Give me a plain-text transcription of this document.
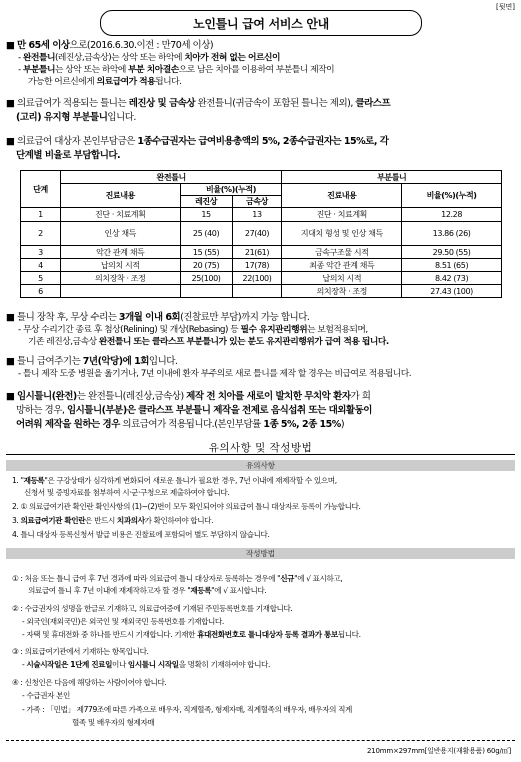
[뒷면]
노인틀니 급여 서비스 안내
■ 만 65세 이상으로(2016.6.30.이전 : 만70세 이상)
- 완전틀니(레진상,금속상)는 상악 또는 하악에 치아가 전혀 없는 어르신이
- 부분틀니는 상악 또는 하악에 부분 치아결손으로 남은 치아를 이용하여 부분틀니 제작이
가능한 어르신에게 의료급여가 적용됩니다.
■ 의료급여가 적용되는 틀니는 레진상 및 금속상 완전틀니(귀금속이 포함된 틀니는 제외), 클라스프
(고리) 유지형 부분틀니입니다.
■ 의료급여 대상자 본인부담금은 1종수급권자는 급여비용총액의 5%, 2종수급권자는 15%로, 각
단계별 비율로 부담합니다.
단계	완전틀니			부분틀니	
	진료내용	비율(%)(누적)		진료내용	비율(%)(누적)
		레진상	금속상		
1	진단 · 치료계획	15	13	진단 · 치료계획	12.28
2	인상 채득	25 (40)	27(40)	지대치 형성 및 인상 채득	13.86 (26)
3	악간 관계 채득	15 (55)	21(61)	금속구조물 시적	29.50 (55)
4	납의치 시적	20 (75)	17(78)	최종 악간 관계 채득	8.51 (65)
5	의치장착 · 조정	25(100)	22(100)	납의치 시적	8.42 (73)
6				의치장착 · 조정	27.43 (100)
■ 틀니 장착 후, 무상 수리는 3개월 이내 6회(진찰료만 부담)까지 가능 합니다.
- 무상 수리기간 종료 후 첨상(Relining) 및 개상(Rebasing) 등 필수 유지관리행위는 보험적용되며,
기존 레진상,금속상 완전틀니 또는 클라스프 부분틀니가 있는 분도 유지관리행위가 급여 적용 됩니다.
■ 틀니 급여주기는 7년(악당)에 1회입니다.
- 틀니 제작 도중 병원을 옮기거나, 7년 이내에 환자 부주의로 새로 틀니를 제작 할 경우는 비급여로 적용됩니다.
■ 임시틀니(완전)는 완전틀니(레진상,금속상) 제작 전 치아를 새로이 발치한 무치악 환자가 희
망하는 경우, 임시틀니(부분)은 클라스프 부분틀니 제작을 전제로 음식섭취 또는 대외활동이
어려워 제작을 원하는 경우 의료급여가 적용됩니다.(본인부담률 1종 5%, 2종 15%)
유의사항 및 작성방법
유의사항
1. "재등록"은 구강상태가 심각하게 변화되어 새로운 틀니가 필요한 경우, 7년 이내에 재제작할 수 있으며,
신청서 및 증빙자료를 첨부하여 시·군·구청으로 제출하여야 합니다.
2. ① 의료급여기관 확인란 확인사항의 (1)~(2)번이 모두 확인되어야 의료급여 틀니 대상자로 등록이 가능합니다.
3. 의료급여기관 확인란은 반드시 치과의사가 확인하여야 합니다.
4. 틀니 대상자 등록신청서 발급 비용은 진찰료에 포함되어 별도 부담하지 않습니다.
작성방법
① : 처음 또는 틀니 급여 후 7년 경과에 따라 의료급여 틀니 대상자로 등록하는 경우에 "신규"에 √ 표시하고,
의료급여 틀니 후 7년 이내에 재제작하고자 할 경우 "재등록"에 √ 표시합니다.
② : 수급권자의 성명을 한글로 기재하고, 의료급여증에 기재된 주민등록번호를 기재합니다.
- 외국인(재외국민)은 외국인 및 재외국민 등록번호를 기재합니다.
- 자택 및 휴대전화 중 하나를 반드시 기재합니다. 기재한 휴대전화번호로 틀니대상자 등록 결과가 통보됩니다.
③ : 의료급여기관에서 기재하는 항목입니다.
- 시술시작일은 1단계 진료일이나 임시틀니 시작일을 명확히 기재하여야 합니다.
④ : 신청인은 다음에 해당하는 사람이어야 합니다.
- 수급권자 본인
- 가족 : 「민법」 제779조에 따른 가족으로 배우자, 직계혈족, 형제자매, 직계혈족의 배우자, 배우자의 직계
혈족 및 배우자의 형제자매
210mm×297mm[일반용지(재활용품) 60g/㎡]
